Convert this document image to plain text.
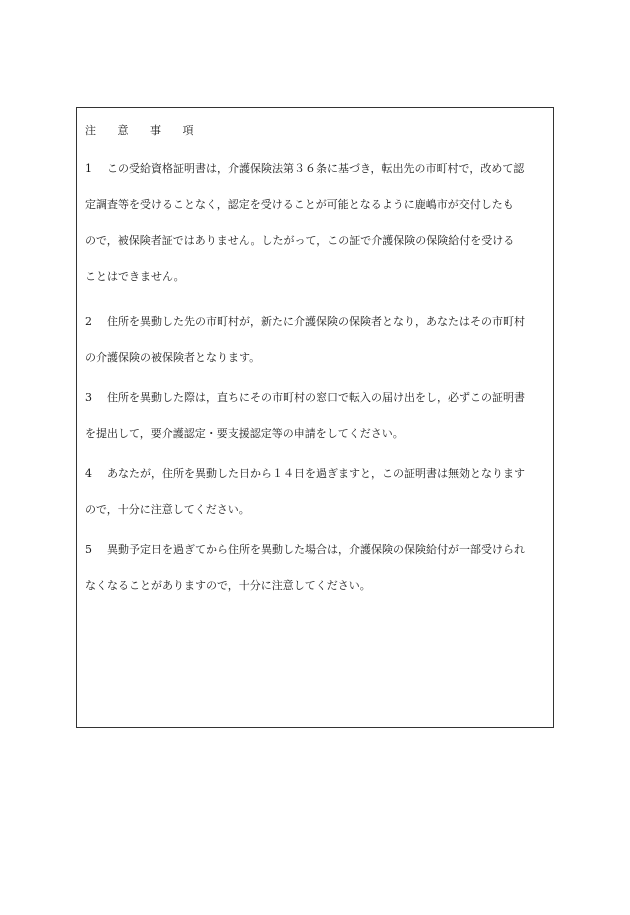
注 意 事 項
1 この受給資格証明書は，介護保険法第３６条に基づき，転出先の市町村で，改めて認
定調査等を受けることなく，認定を受けることが可能となるように鹿嶋市が交付したも
ので，被保険者証ではありません。したがって，この証で介護保険の保険給付を受ける
ことはできません。
2 住所を異動した先の市町村が，新たに介護保険の保険者となり，あなたはその市町村
の介護保険の被保険者となります。
3 住所を異動した際は，直ちにその市町村の窓口で転入の届け出をし，必ずこの証明書
を提出して，要介護認定・要支援認定等の申請をしてください。
4 あなたが，住所を異動した日から１４日を過ぎますと，この証明書は無効となります
ので，十分に注意してください。
5 異動予定日を過ぎてから住所を異動した場合は，介護保険の保険給付が一部受けられ
なくなることがありますので，十分に注意してください。
